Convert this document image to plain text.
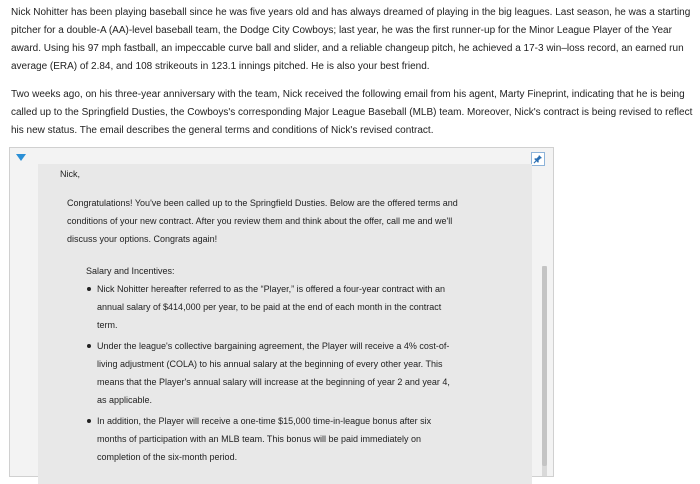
Nick Nohitter has been playing baseball since he was five years old and has always dreamed of playing in the big leagues. Last season, he was a starting pitcher for a double-A (AA)-level baseball team, the Dodge City Cowboys; last year, he was the first runner-up for the Minor League Player of the Year award. Using his 97 mph fastball, an impeccable curve ball and slider, and a reliable changeup pitch, he achieved a 17-3 win–loss record, an earned run average (ERA) of 2.84, and 108 strikeouts in 123.1 innings pitched. He is also your best friend.

Two weeks ago, on his three-year anniversary with the team, Nick received the following email from his agent, Marty Fineprint, indicating that he is being called up to the Springfield Dusties, the Cowboys's corresponding Major League Baseball (MLB) team. Moreover, Nick's contract is being revised to reflect his new status. The email describes the general terms and conditions of Nick's revised contract.

Nick,

Congratulations! You've been called up to the Springfield Dusties. Below are the offered terms and conditions of your new contract. After you review them and think about the offer, call me and we'll discuss your options. Congrats again!

Salary and Incentives:

Nick Nohitter hereafter referred to as the “Player,” is offered a four-year contract with an annual salary of $414,000 per year, to be paid at the end of each month in the contract term.
Under the league's collective bargaining agreement, the Player will receive a 4% cost-of-living adjustment (COLA) to his annual salary at the beginning of every other year. This means that the Player's annual salary will increase at the beginning of year 2 and year 4, as applicable.
In addition, the Player will receive a one-time $15,000 time-in-league bonus after six months of participation with an MLB team. This bonus will be paid immediately on completion of the six-month period.
